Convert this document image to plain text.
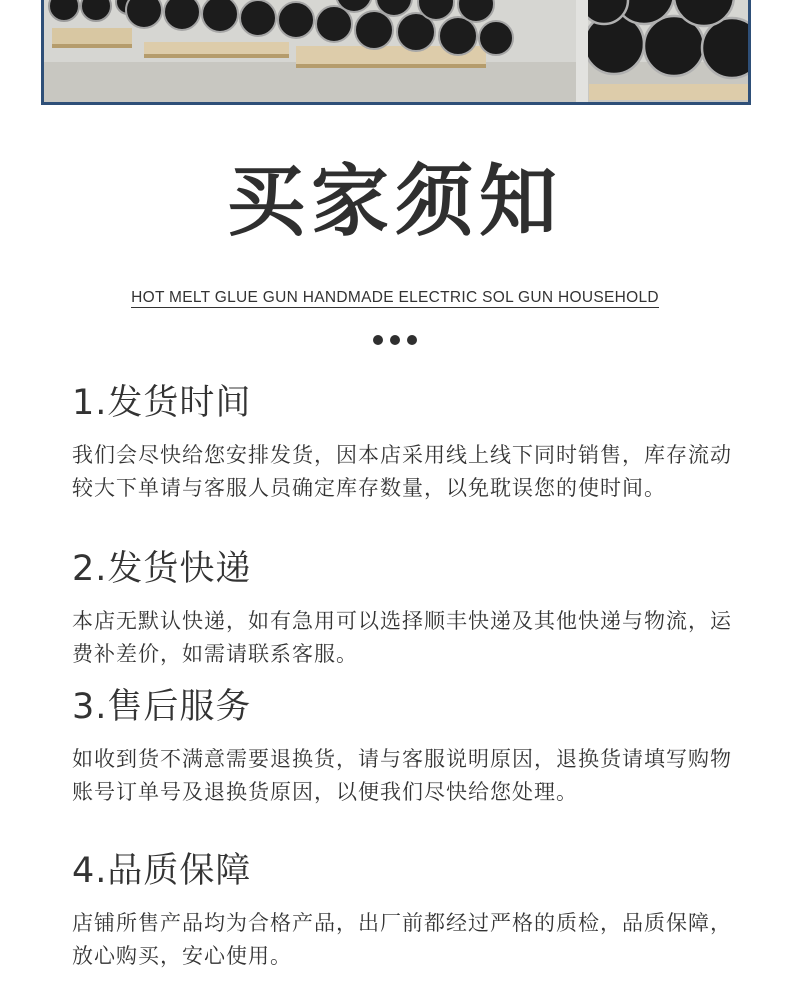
买家须知
HOT MELT GLUE GUN HANDMADE ELECTRIC SOL GUN HOUSEHOLD

1.发货时间
我们会尽快给您安排发货，因本店采用线上线下同时销售，库存流动较大下单请与客服人员确定库存数量，以免耽误您的使时间。
2.发货快递
本店无默认快递，如有急用可以选择顺丰快递及其他快递与物流，运费补差价，如需请联系客服。
3.售后服务
如收到货不满意需要退换货，请与客服说明原因，退换货请填写购物账号订单号及退换货原因，以便我们尽快给您处理。
4.品质保障
店铺所售产品均为合格产品，出厂前都经过严格的质检，品质保障，放心购买，安心使用。
